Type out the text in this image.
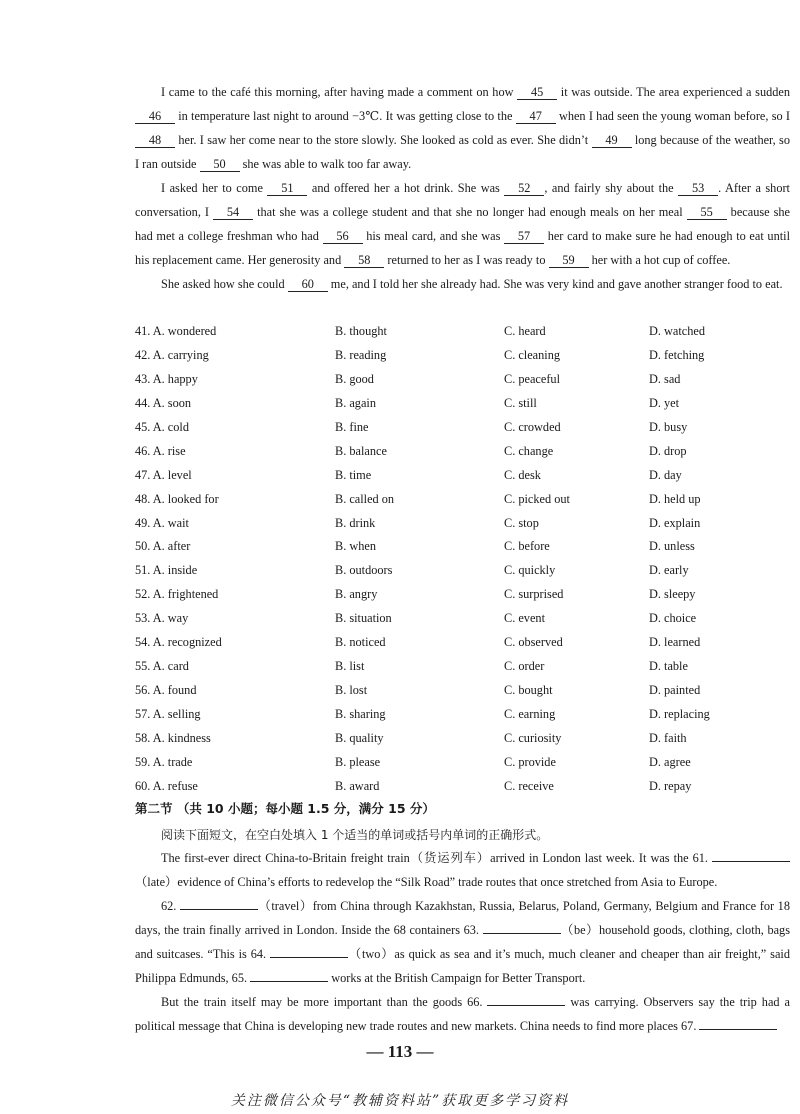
I came to the café this morning, after having made a comment on how 45 it was outside. The area experienced a sudden 46 in temperature last night to around −3℃. It was getting close to the 47 when I had seen the young woman before, so I 48 her. I saw her come near to the store slowly. She looked as cold as ever. She didn’t 49 long because of the weather, so I ran outside 50 she was able to walk too far away.

I asked her to come 51 and offered her a hot drink. She was 52 , and fairly shy about the 53 . After a short conversation, I 54 that she was a college student and that she no longer had enough meals on her meal 55 because she had met a college freshman who had 56 his meal card, and she was 57 her card to make sure he had enough to eat until his replacement came. Her generosity and 58 returned to her as I was ready to 59 her with a hot cup of coffee.

She asked how she could 60 me, and I told her she already had. She was very kind and gave another stranger food to eat.

41. A. wondered	B. thought	C. heard	D. watched
42. A. carrying	B. reading	C. cleaning	D. fetching
43. A. happy	B. good	C. peaceful	D. sad
44. A. soon	B. again	C. still	D. yet
45. A. cold	B. fine	C. crowded	D. busy
46. A. rise	B. balance	C. change	D. drop
47. A. level	B. time	C. desk	D. day
48. A. looked for	B. called on	C. picked out	D. held up
49. A. wait	B. drink	C. stop	D. explain
50. A. after	B. when	C. before	D. unless
51. A. inside	B. outdoors	C. quickly	D. early
52. A. frightened	B. angry	C. surprised	D. sleepy
53. A. way	B. situation	C. event	D. choice
54. A. recognized	B. noticed	C. observed	D. learned
55. A. card	B. list	C. order	D. table
56. A. found	B. lost	C. bought	D. painted
57. A. selling	B. sharing	C. earning	D. replacing
58. A. kindness	B. quality	C. curiosity	D. faith
59. A. trade	B. please	C. provide	D. agree
60. A. refuse	B. award	C. receive	D. repay
第二节 （共 10 小题；每小题 1.5 分，满分 15 分）
阅读下面短文，在空白处填入 1 个适当的单词或括号内单词的正确形式。

The first-ever direct China-to-Britain freight train（货运列车）arrived in London last week. It was the 61. （late）evidence of China’s efforts to redevelop the “Silk Road” trade routes that once stretched from Asia to Europe.

62.	（travel）from China through Kazakhstan, Russia, Belarus, Poland, Germany, Belgium and France for 18 days, the train finally arrived in London. Inside the 68 containers 63.	（be）household goods, clothing, cloth, bags and suitcases. “This is 64.	（two）as quick as sea and it’s much, much cleaner and cheaper than air freight,” said Philippa Edmunds, 65.	works at the British Campaign for Better Transport.

But the train itself may be more important than the goods 66.	was carrying. Observers say the trip had a political message that China is developing new trade routes and new markets. China needs to find more places 67.

— 113 —
关注微信公众号“教辅资料站”获取更多学习资料
